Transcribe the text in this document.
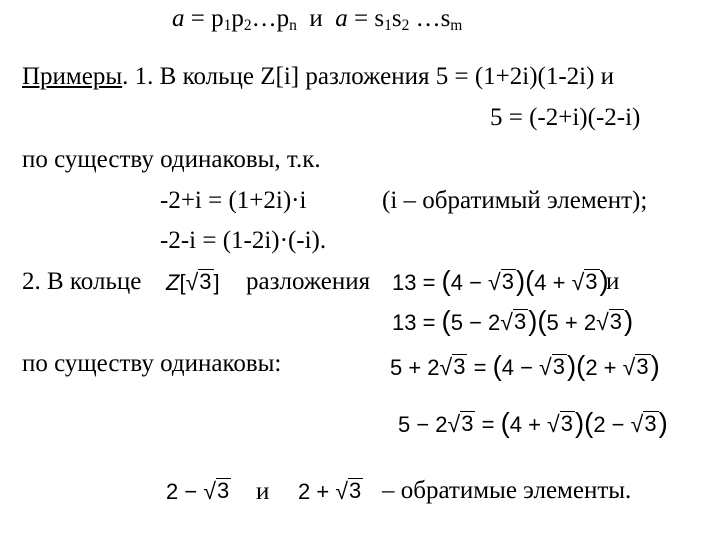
$a = p_1p_2\dots p_n$  и  $a = s_1s_2$ $\dots s_m$
Примеры. 1. В кольце Z[i] разложения 5 = (1+2i)(1-2i) и
5 = (-2+i)(-2-i)
по существу одинаковы, т.к.
-2+i = (1+2i)·i	(i – обратимый элемент);
-2-i = (1-2i)·(-i).
2. В кольце Z[ √ 3 ] разложения 13 = (4 − √ 3 )(4 + √ 3 )
и
13 = (5 − 2 √ 3 )(5 + 2 √ 3 )
по существу одинаковы:	5 + 2 √ 3 = (4 − √ 3 )(2 + √ 3 )
5 − 2 √ 3 = (4 + √ 3 )(2 − √ 3 )
2 − √ 3 и 2 + √ 3 – обратимые элементы.
